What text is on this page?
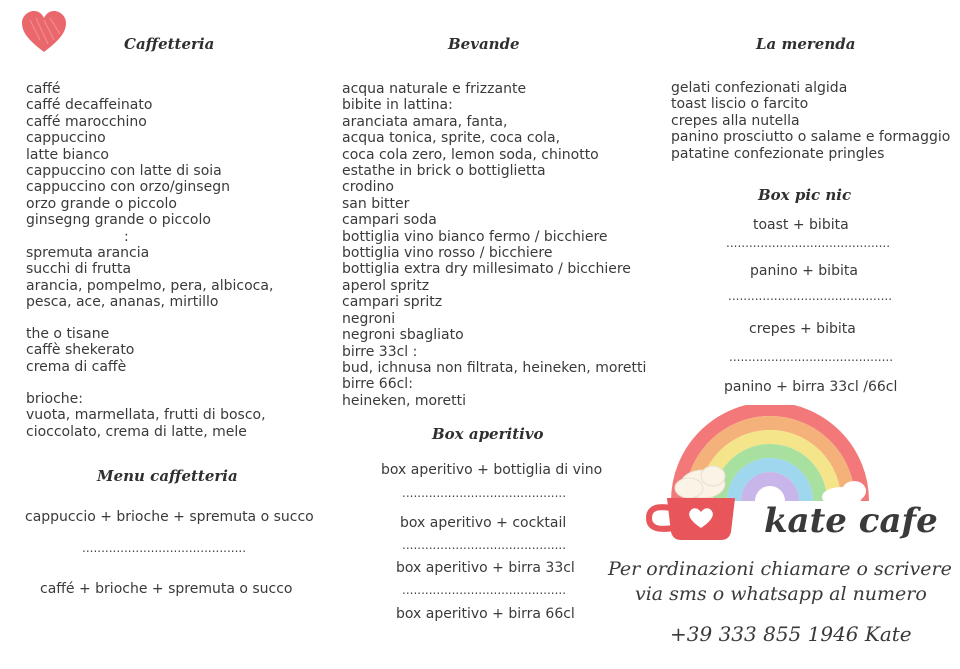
Caffetteria
caffé
caffé decaffeinato
caffé marocchino
cappuccino
latte bianco
cappuccino con latte di soia
cappuccino con orzo/ginsegn
orzo grande o piccolo
ginsegng grande o piccolo
:
spremuta arancia
succhi di frutta
arancia, pompelmo, pera, albicoca,
pesca, ace, ananas, mirtillo
the o tisane
caffè shekerato
crema di caffè
brioche:
vuota, marmellata, frutti di bosco,
cioccolato, crema di latte, mele
Menu caffetteria
cappuccio + brioche + spremuta o succo
...........................................
caffé + brioche + spremuta o succo
Bevande
acqua naturale e frizzante
bibite in lattina:
aranciata amara, fanta,
acqua tonica, sprite, coca cola,
coca cola zero, lemon soda, chinotto
estathe in brick o bottiglietta
crodino
san bitter
campari soda
bottiglia vino bianco fermo / bicchiere
bottiglia vino rosso / bicchiere
bottiglia extra dry millesimato / bicchiere
aperol spritz
campari spritz
negroni
negroni sbagliato
birre 33cl :
bud, ichnusa non filtrata, heineken, moretti
birre 66cl:
heineken, moretti
Box aperitivo
box aperitivo + bottiglia di vino
...........................................
box aperitivo + cocktail
...........................................
box aperitivo + birra 33cl
...........................................
box aperitivo + birra 66cl
La merenda
gelati confezionati algida
toast liscio o farcito
crepes alla nutella
panino prosciutto o salame e formaggio
patatine confezionate pringles
Box pic nic
toast + bibita
...........................................
panino + bibita
...........................................
crepes + bibita
...........................................
panino + birra 33cl /66cl
kate cafe
Per ordinazioni chiamare o scrivere
via sms o whatsapp al numero
+39 333 855 1946 Kate
